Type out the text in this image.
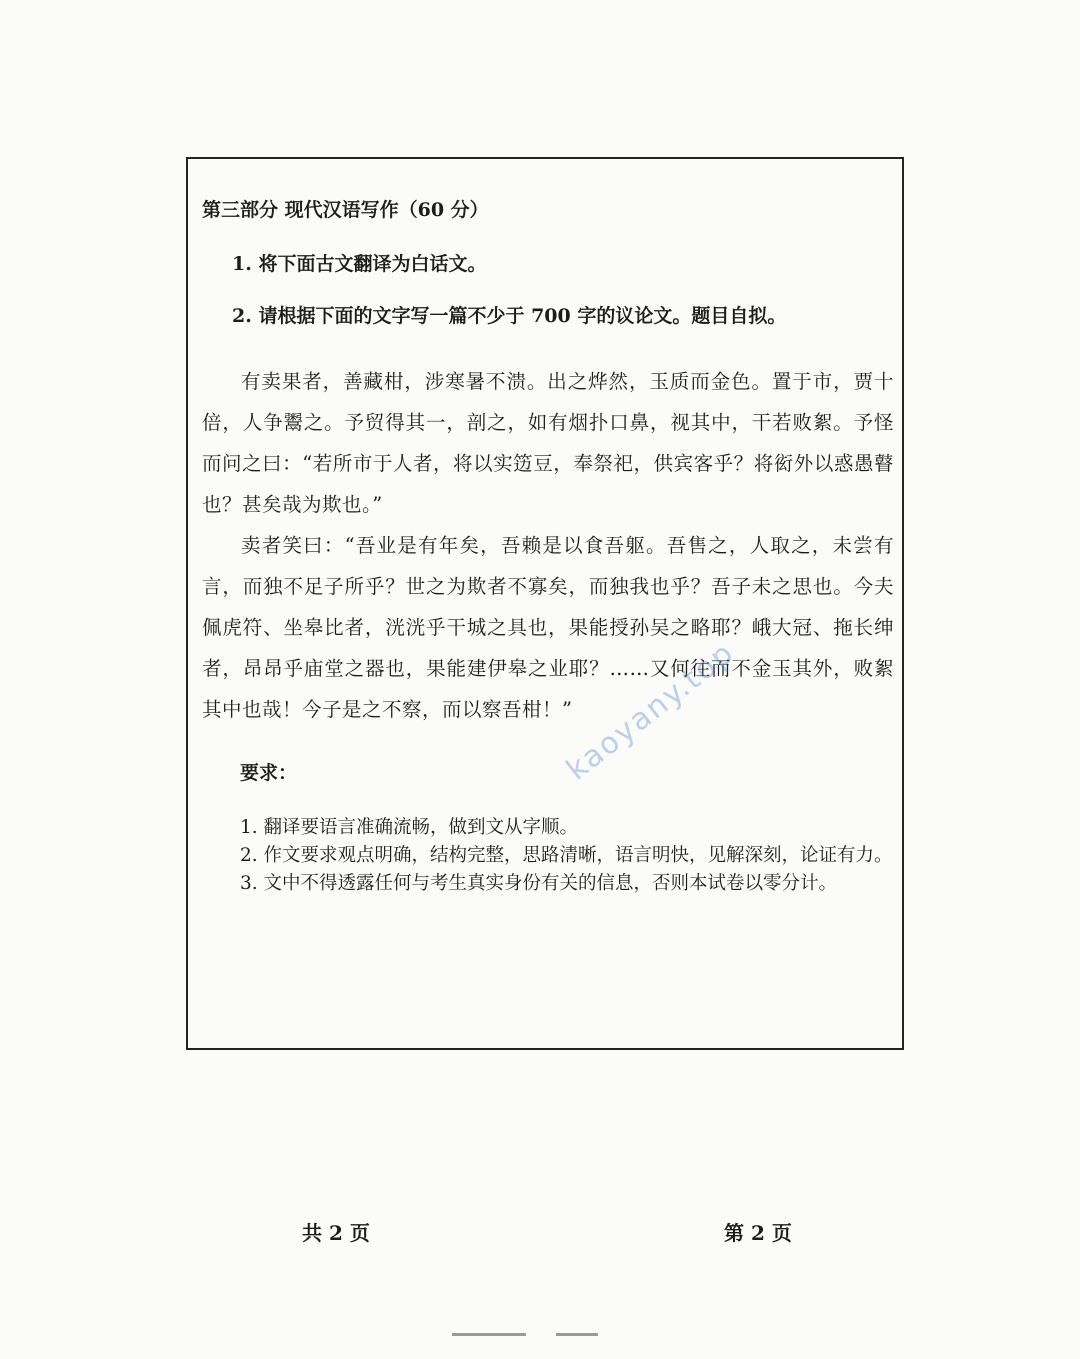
第三部分 现代汉语写作（60 分）
1. 将下面古文翻译为白话文。
2. 请根据下面的文字写一篇不少于 700 字的议论文。题目自拟。

有卖果者，善藏柑，涉寒暑不溃。出之烨然，玉质而金色。置于市，贾十倍，人争鬻之。予贸得其一，剖之，如有烟扑口鼻，视其中，干若败絮。予怪而问之曰：“若所市于人者，将以实笾豆，奉祭祀，供宾客乎？将衒外以惑愚瞽也？甚矣哉为欺也。”

卖者笑曰：“吾业是有年矣，吾赖是以食吾躯。吾售之，人取之，未尝有言，而独不足子所乎？世之为欺者不寡矣，而独我也乎？吾子未之思也。今夫佩虎符、坐皋比者，洸洸乎干城之具也，果能授孙吴之略耶？峨大冠、拖长绅者，昂昂乎庙堂之器也，果能建伊皋之业耶？……又何往而不金玉其外，败絮其中也哉！今子是之不察，而以察吾柑！”

要求：
1. 翻译要语言准确流畅，做到文从字顺。
2. 作文要求观点明确，结构完整，思路清晰，语言明快，见解深刻，论证有力。
3. 文中不得透露任何与考生真实身份有关的信息，否则本试卷以零分计。
kaoyany.top
共 2 页	第 2 页
